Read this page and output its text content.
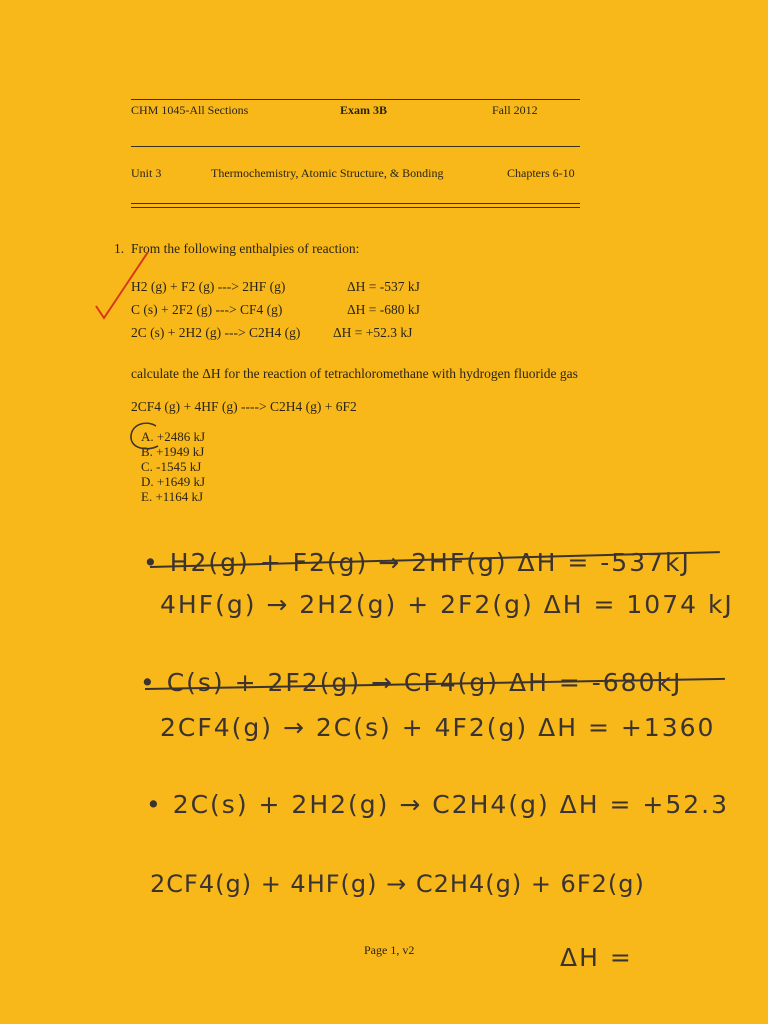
CHM 1045-All Sections	Exam 3B	Fall 2012
Unit 3	Thermochemistry, Atomic Structure, & Bonding	Chapters 6-10
1. From the following enthalpies of reaction:
H2 (g) + F2 (g) ---> 2HF (g)	ΔH = -537 kJ
C (s) + 2F2 (g) ---> CF4 (g)	ΔH = -680 kJ
2C (s) + 2H2 (g) ---> C2H4 (g) ΔH = +52.3 kJ
calculate the ΔH for the reaction of tetrachloromethane with hydrogen fluoride gas
2CF4 (g) + 4HF (g) ----> C2H4 (g) + 6F2
A. +2486 kJ
B. +1949 kJ
C. -1545 kJ
D. +1649 kJ
E. +1164 kJ
• H2(g) + F2(g) → 2HF(g) ΔH = -537kJ
4HF(g) → 2H2(g) + 2F2(g) ΔH = 1074 kJ
• C(s) + 2F2(g) → CF4(g) ΔH = -680kJ
2CF4(g) → 2C(s) + 4F2(g) ΔH = +1360
• 2C(s) + 2H2(g) → C2H4(g) ΔH = +52.3
2CF4(g) + 4HF(g) → C2H4(g) + 6F2(g)
ΔH =
Page 1, v2
